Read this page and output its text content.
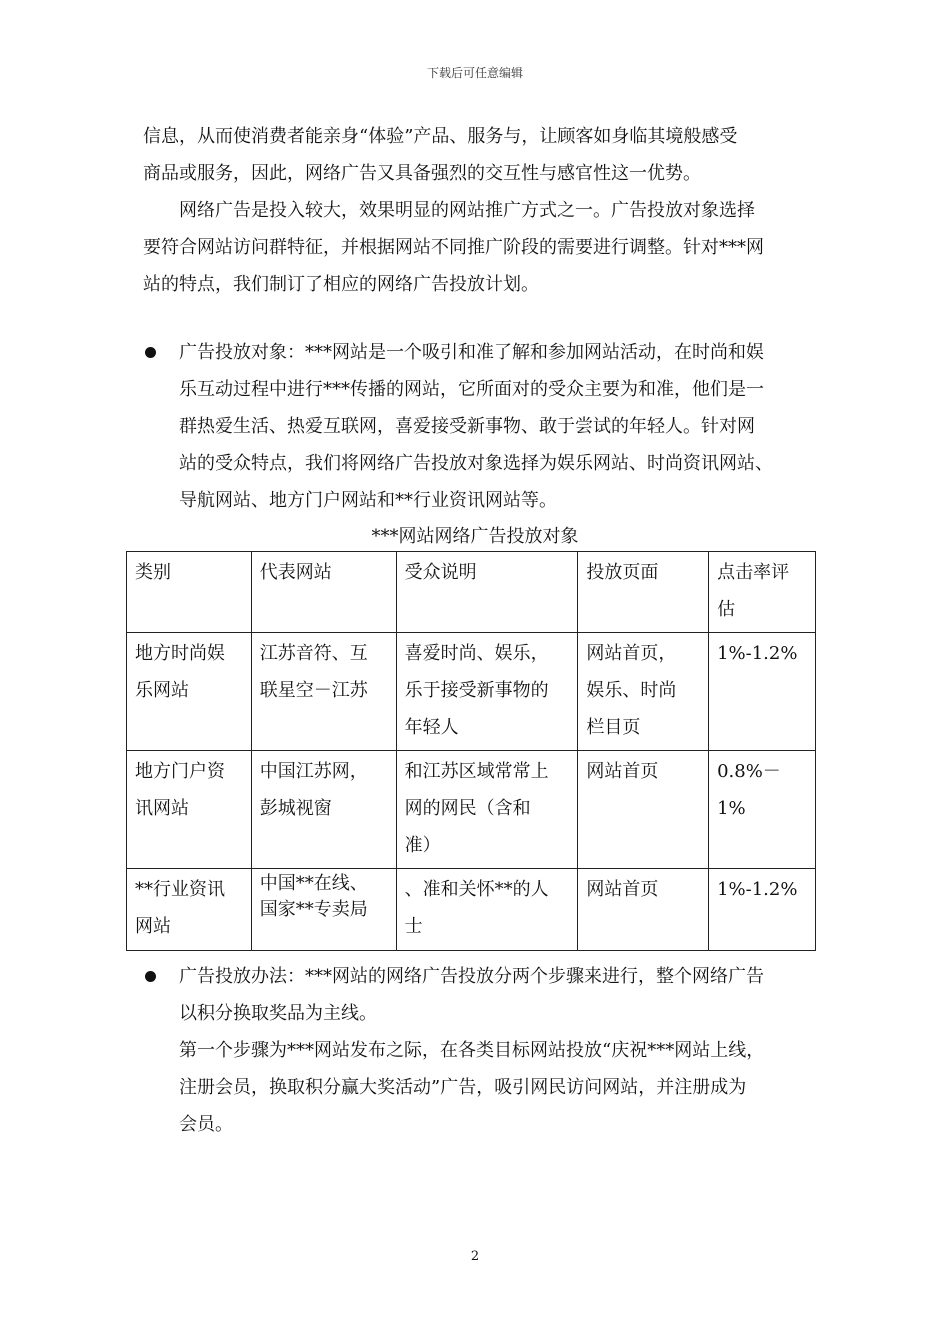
下载后可任意编辑
信息，从而使消费者能亲身“体验”产品、服务与，让顾客如身临其境般感受
商品或服务，因此，网络广告又具备强烈的交互性与感官性这一优势。
　　网络广告是投入较大，效果明显的网站推广方式之一。广告投放对象选择
要符合网站访问群特征，并根据网站不同推广阶段的需要进行调整。针对***网
站的特点，我们制订了相应的网络广告投放计划。
广告投放对象：***网站是一个吸引和准了解和参加网站活动，在时尚和娱
乐互动过程中进行***传播的网站，它所面对的受众主要为和准，他们是一
群热爱生活、热爱互联网，喜爱接受新事物、敢于尝试的年轻人。针对网
站的受众特点，我们将网络广告投放对象选择为娱乐网站、时尚资讯网站、
导航网站、地方门户网站和**行业资讯网站等。
***网站网络广告投放对象
类别	代表网站	受众说明	投放页面	点击率评
估

地方时尚娱
乐网站	江苏音符、互
联星空－江苏	喜爱时尚、娱乐，
乐于接受新事物的
年轻人	网站首页，
娱乐、时尚
栏目页	1%-1.2%

地方门户资
讯网站	中国江苏网，
彭城视窗	和江苏区域常常上
网的网民（含和
准）	网站首页	0.8%－
1%

**行业资讯
网站	中国**在线、
国家**专卖局	、准和关怀**的人
士	网站首页	1%-1.2%
广告投放办法：***网站的网络广告投放分两个步骤来进行，整个网络广告
以积分换取奖品为主线。
第一个步骤为***网站发布之际，在各类目标网站投放“庆祝***网站上线，
注册会员，换取积分赢大奖活动”广告，吸引网民访问网站，并注册成为
会员。
2
